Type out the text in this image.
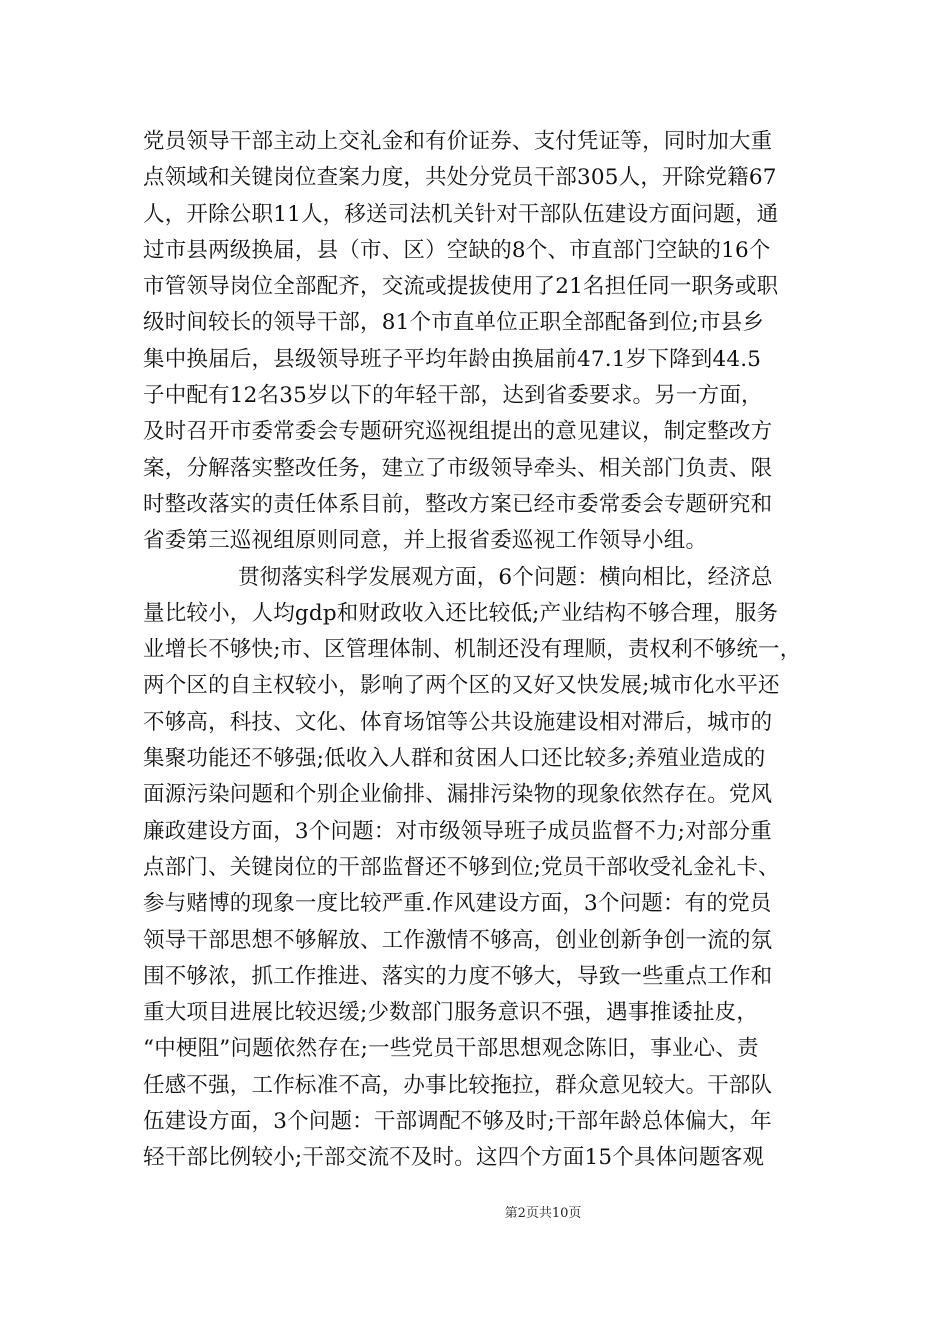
党员领导干部主动上交礼金和有价证券、支付凭证等，同时加大重
点领域和关键岗位查案力度，共处分党员干部305人，开除党籍67
人，开除公职11人，移送司法机关针对干部队伍建设方面问题，通
过市县两级换届，县（市、区）空缺的8个、市直部门空缺的16个
市管领导岗位全部配齐，交流或提拔使用了21名担任同一职务或职
级时间较长的领导干部，81个市直单位正职全部配备到位;市县乡
集中换届后，县级领导班子平均年龄由换届前47.1岁下降到44.5
子中配有12名35岁以下的年轻干部，达到省委要求。另一方面，
及时召开市委常委会专题研究巡视组提出的意见建议，制定整改方
案，分解落实整改任务，建立了市级领导牵头、相关部门负责、限
时整改落实的责任体系目前，整改方案已经市委常委会专题研究和
省委第三巡视组原则同意，并上报省委巡视工作领导小组。
贯彻落实科学发展观方面，6个问题：横向相比，经济总
量比较小，人均gdp和财政收入还比较低;产业结构不够合理，服务
业增长不够快;市、区管理体制、机制还没有理顺，责权利不够统一，
两个区的自主权较小，影响了两个区的又好又快发展;城市化水平还
不够高，科技、文化、体育场馆等公共设施建设相对滞后，城市的
集聚功能还不够强;低收入人群和贫困人口还比较多;养殖业造成的
面源污染问题和个别企业偷排、漏排污染物的现象依然存在。党风
廉政建设方面，3个问题：对市级领导班子成员监督不力;对部分重
点部门、关键岗位的干部监督还不够到位;党员干部收受礼金礼卡、
参与赌博的现象一度比较严重.作风建设方面，3个问题：有的党员
领导干部思想不够解放、工作激情不够高，创业创新争创一流的氛
围不够浓，抓工作推进、落实的力度不够大，导致一些重点工作和
重大项目进展比较迟缓;少数部门服务意识不强，遇事推诿扯皮，
“中梗阻”问题依然存在;一些党员干部思想观念陈旧，事业心、责
任感不强，工作标准不高，办事比较拖拉，群众意见较大。干部队
伍建设方面，3个问题：干部调配不够及时;干部年龄总体偏大，年
轻干部比例较小;干部交流不及时。这四个方面15个具体问题客观
第2页共10页
